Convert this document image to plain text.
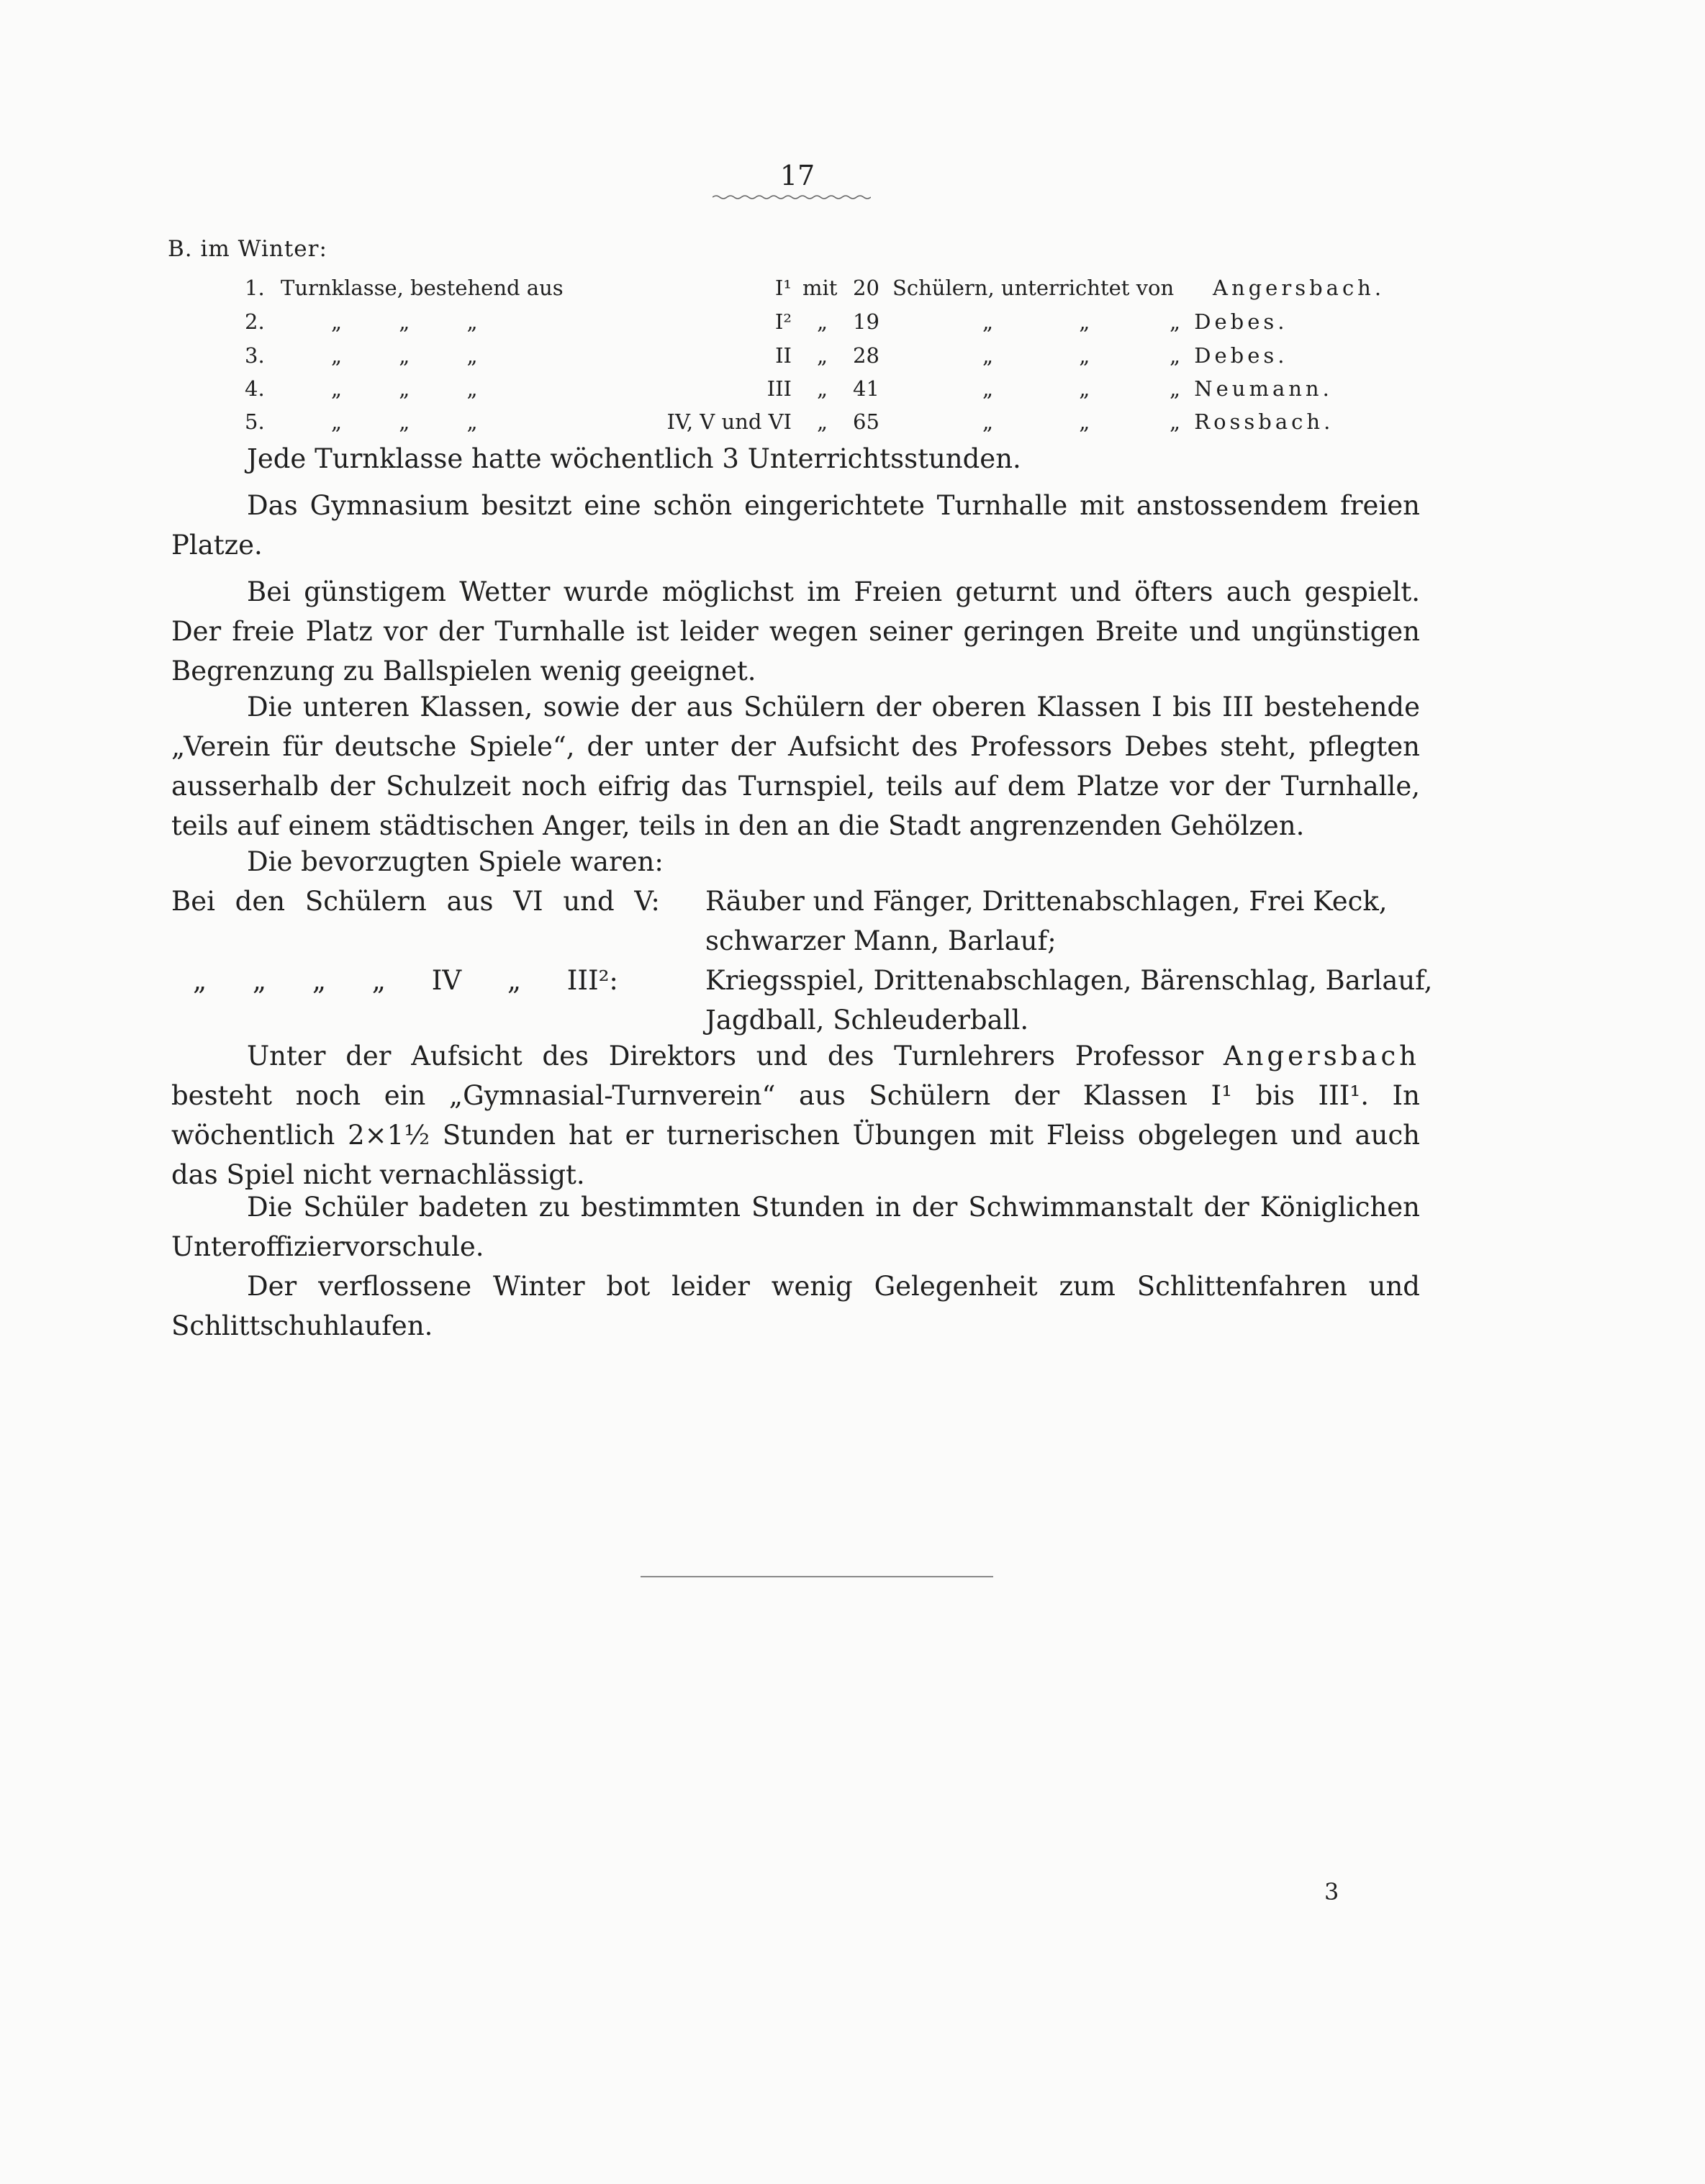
17
B. im Winter:
1. Turnklasse, bestehend aus	I¹ mit 20 Schülern, unterrichtet von Angersbach.
2.	„ „ „	I² „ 19	„ „	„ Debes.
3.	„ „ „	II „ 28	„ „	„ Debes.
4.	„ „ „	III „ 41	„ „	„ Neumann.
5.	„ „ „	IV, V und VI „ 65	„ „	„ Rossbach.
Jede Turnklasse hatte wöchentlich 3 Unterrichtsstunden.
Das Gymnasium besitzt eine schön eingerichtete Turnhalle mit anstossendem freien Platze.
Bei günstigem Wetter wurde möglichst im Freien geturnt und öfters auch gespielt. Der freie Platz vor der Turnhalle ist leider wegen seiner geringen Breite und ungünstigen Begrenzung zu Ballspielen wenig geeignet.
Die unteren Klassen, sowie der aus Schülern der oberen Klassen I bis III bestehende „Verein für deutsche Spiele“, der unter der Aufsicht des Professors Debes steht, pflegten ausserhalb der Schulzeit noch eifrig das Turnspiel, teils auf dem Platze vor der Turnhalle, teils auf einem städtischen Anger, teils in den an die Stadt angrenzenden Gehölzen.
Die bevorzugten Spiele waren:
Bei den Schülern aus VI und V: Räuber und Fänger, Drittenabschlagen, Frei Keck,
schwarzer Mann, Barlauf;
„ „ „ „ IV „ III²:	Kriegsspiel, Drittenabschlagen, Bärenschlag, Barlauf,
Jagdball, Schleuderball.
Unter der Aufsicht des Direktors und des Turnlehrers Professor Angersbach besteht noch ein „Gymnasial-Turnverein“ aus Schülern der Klassen I¹ bis III¹. In wöchentlich 2×1½ Stunden hat er turnerischen Übungen mit Fleiss obgelegen und auch das Spiel nicht vernachlässigt.
Die Schüler badeten zu bestimmten Stunden in der Schwimmanstalt der Königlichen Unteroffiziervorschule.
Der verflossene Winter bot leider wenig Gelegenheit zum Schlittenfahren und Schlittschuhlaufen.
3
